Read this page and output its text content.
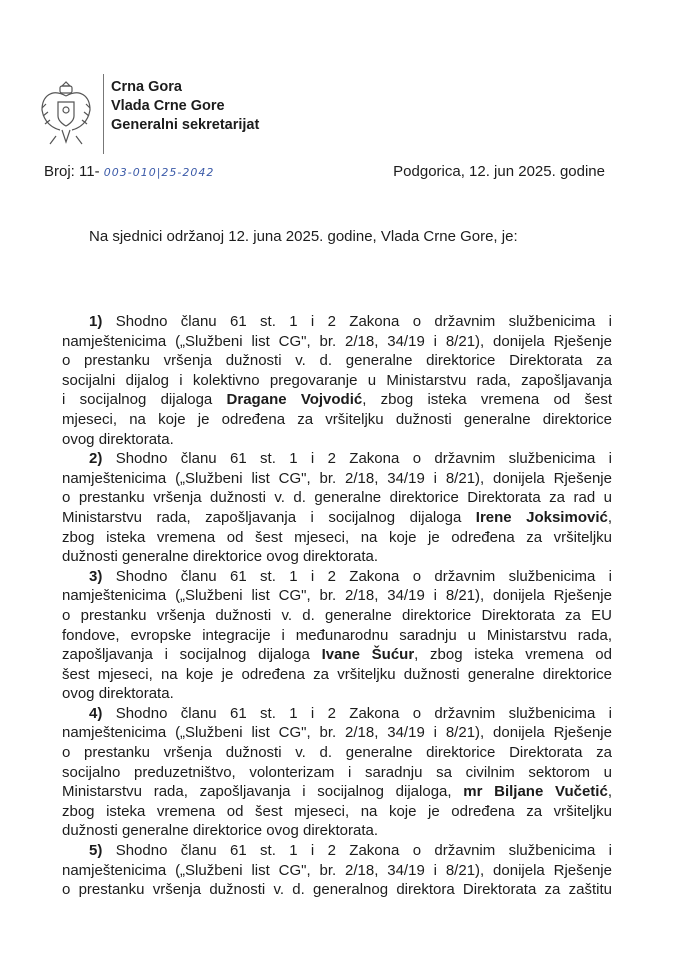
Crna Gora
Vlada Crne Gore
Generalni sekretarijat
Broj: 11- 003-010|25-2042	Podgorica, 12. jun 2025. godine
Na sjednici održanoj 12. juna 2025. godine, Vlada Crne Gore, je:
1) Shodno članu 61 st. 1 i 2 Zakona o državnim službenicima i
namještenicima („Službeni list CG", br. 2/18, 34/19 i 8/21), donijela Rješenje
o prestanku vršenja dužnosti v. d. generalne direktorice Direktorata za
socijalni dijalog i kolektivno pregovaranje u Ministarstvu rada, zapošljavanja
i socijalnog dijaloga Dragane Vojvodić, zbog isteka vremena od šest
mjeseci, na koje je određena za vršiteljku dužnosti generalne direktorice
ovog direktorata.
2) Shodno članu 61 st. 1 i 2 Zakona o državnim službenicima i
namještenicima („Službeni list CG", br. 2/18, 34/19 i 8/21), donijela Rješenje
o prestanku vršenja dužnosti v. d. generalne direktorice Direktorata za rad u
Ministarstvu rada, zapošljavanja i socijalnog dijaloga Irene Joksimović,
zbog isteka vremena od šest mjeseci, na koje je određena za vršiteljku
dužnosti generalne direktorice ovog direktorata.
3) Shodno članu 61 st. 1 i 2 Zakona o državnim službenicima i
namještenicima („Službeni list CG", br. 2/18, 34/19 i 8/21), donijela Rješenje
o prestanku vršenja dužnosti v. d. generalne direktorice Direktorata za EU
fondove, evropske integracije i međunarodnu saradnju u Ministarstvu rada,
zapošljavanja i socijalnog dijaloga Ivane Šućur, zbog isteka vremena od
šest mjeseci, na koje je određena za vršiteljku dužnosti generalne direktorice
ovog direktorata.
4) Shodno članu 61 st. 1 i 2 Zakona o državnim službenicima i
namještenicima („Službeni list CG", br. 2/18, 34/19 i 8/21), donijela Rješenje
o prestanku vršenja dužnosti v. d. generalne direktorice Direktorata za
socijalno preduzetništvo, volonterizam i saradnju sa civilnim sektorom u
Ministarstvu rada, zapošljavanja i socijalnog dijaloga, mr Biljane Vučetić,
zbog isteka vremena od šest mjeseci, na koje je određena za vršiteljku
dužnosti generalne direktorice ovog direktorata.
5) Shodno članu 61 st. 1 i 2 Zakona o državnim službenicima i
namještenicima („Službeni list CG", br. 2/18, 34/19 i 8/21), donijela Rješenje
o prestanku vršenja dužnosti v. d. generalnog direktora Direktorata za zaštitu
